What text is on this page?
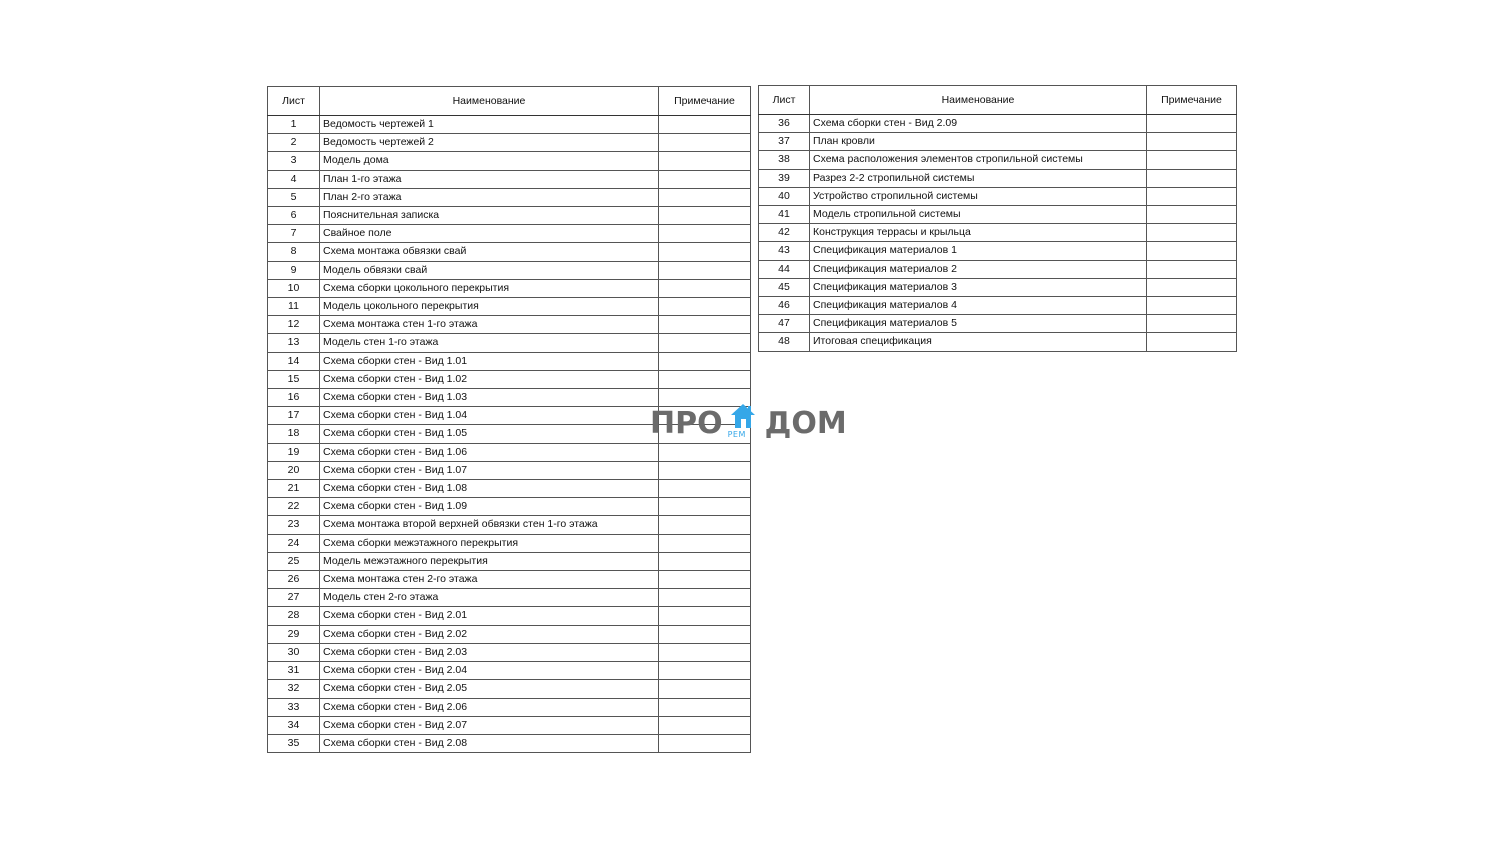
Лист	Наименование	Примечание
1	Ведомость чертежей 1	
2	Ведомость чертежей 2	
3	Модель дома	
4	План 1-го этажа	
5	План 2-го этажа	
6	Пояснительная записка	
7	Свайное поле	
8	Схема монтажа обвязки свай	
9	Модель обвязки свай	
10	Схема сборки цокольного перекрытия	
11	Модель цокольного перекрытия	
12	Схема монтажа стен 1-го этажа	
13	Модель стен 1-го этажа	
14	Схема сборки стен - Вид 1.01	
15	Схема сборки стен - Вид 1.02	
16	Схема сборки стен - Вид 1.03	
17	Схема сборки стен - Вид 1.04	
18	Схема сборки стен - Вид 1.05	
19	Схема сборки стен - Вид 1.06	
20	Схема сборки стен - Вид 1.07	
21	Схема сборки стен - Вид 1.08	
22	Схема сборки стен - Вид 1.09	
23	Схема монтажа второй верхней обвязки стен 1-го этажа	
24	Схема сборки межэтажного перекрытия	
25	Модель межэтажного перекрытия	
26	Схема монтажа стен 2-го этажа	
27	Модель стен 2-го этажа	
28	Схема сборки стен - Вид 2.01	
29	Схема сборки стен - Вид 2.02	
30	Схема сборки стен - Вид 2.03	
31	Схема сборки стен - Вид 2.04	
32	Схема сборки стен - Вид 2.05	
33	Схема сборки стен - Вид 2.06	
34	Схема сборки стен - Вид 2.07	
35	Схема сборки стен - Вид 2.08	
Лист	Наименование	Примечание
36	Схема сборки стен - Вид 2.09	
37	План кровли	
38	Схема расположения элементов стропильной системы	
39	Разрез 2-2 стропильной системы	
40	Устройство стропильной системы	
41	Модель стропильной системы	
42	Конструкция террасы и крыльца	
43	Спецификация материалов 1	
44	Спецификация материалов 2	
45	Спецификация материалов 3	
46	Спецификация материалов 4	
47	Спецификация материалов 5	
48	Итоговая спецификация	
ПРО РЕМ ДОМ
